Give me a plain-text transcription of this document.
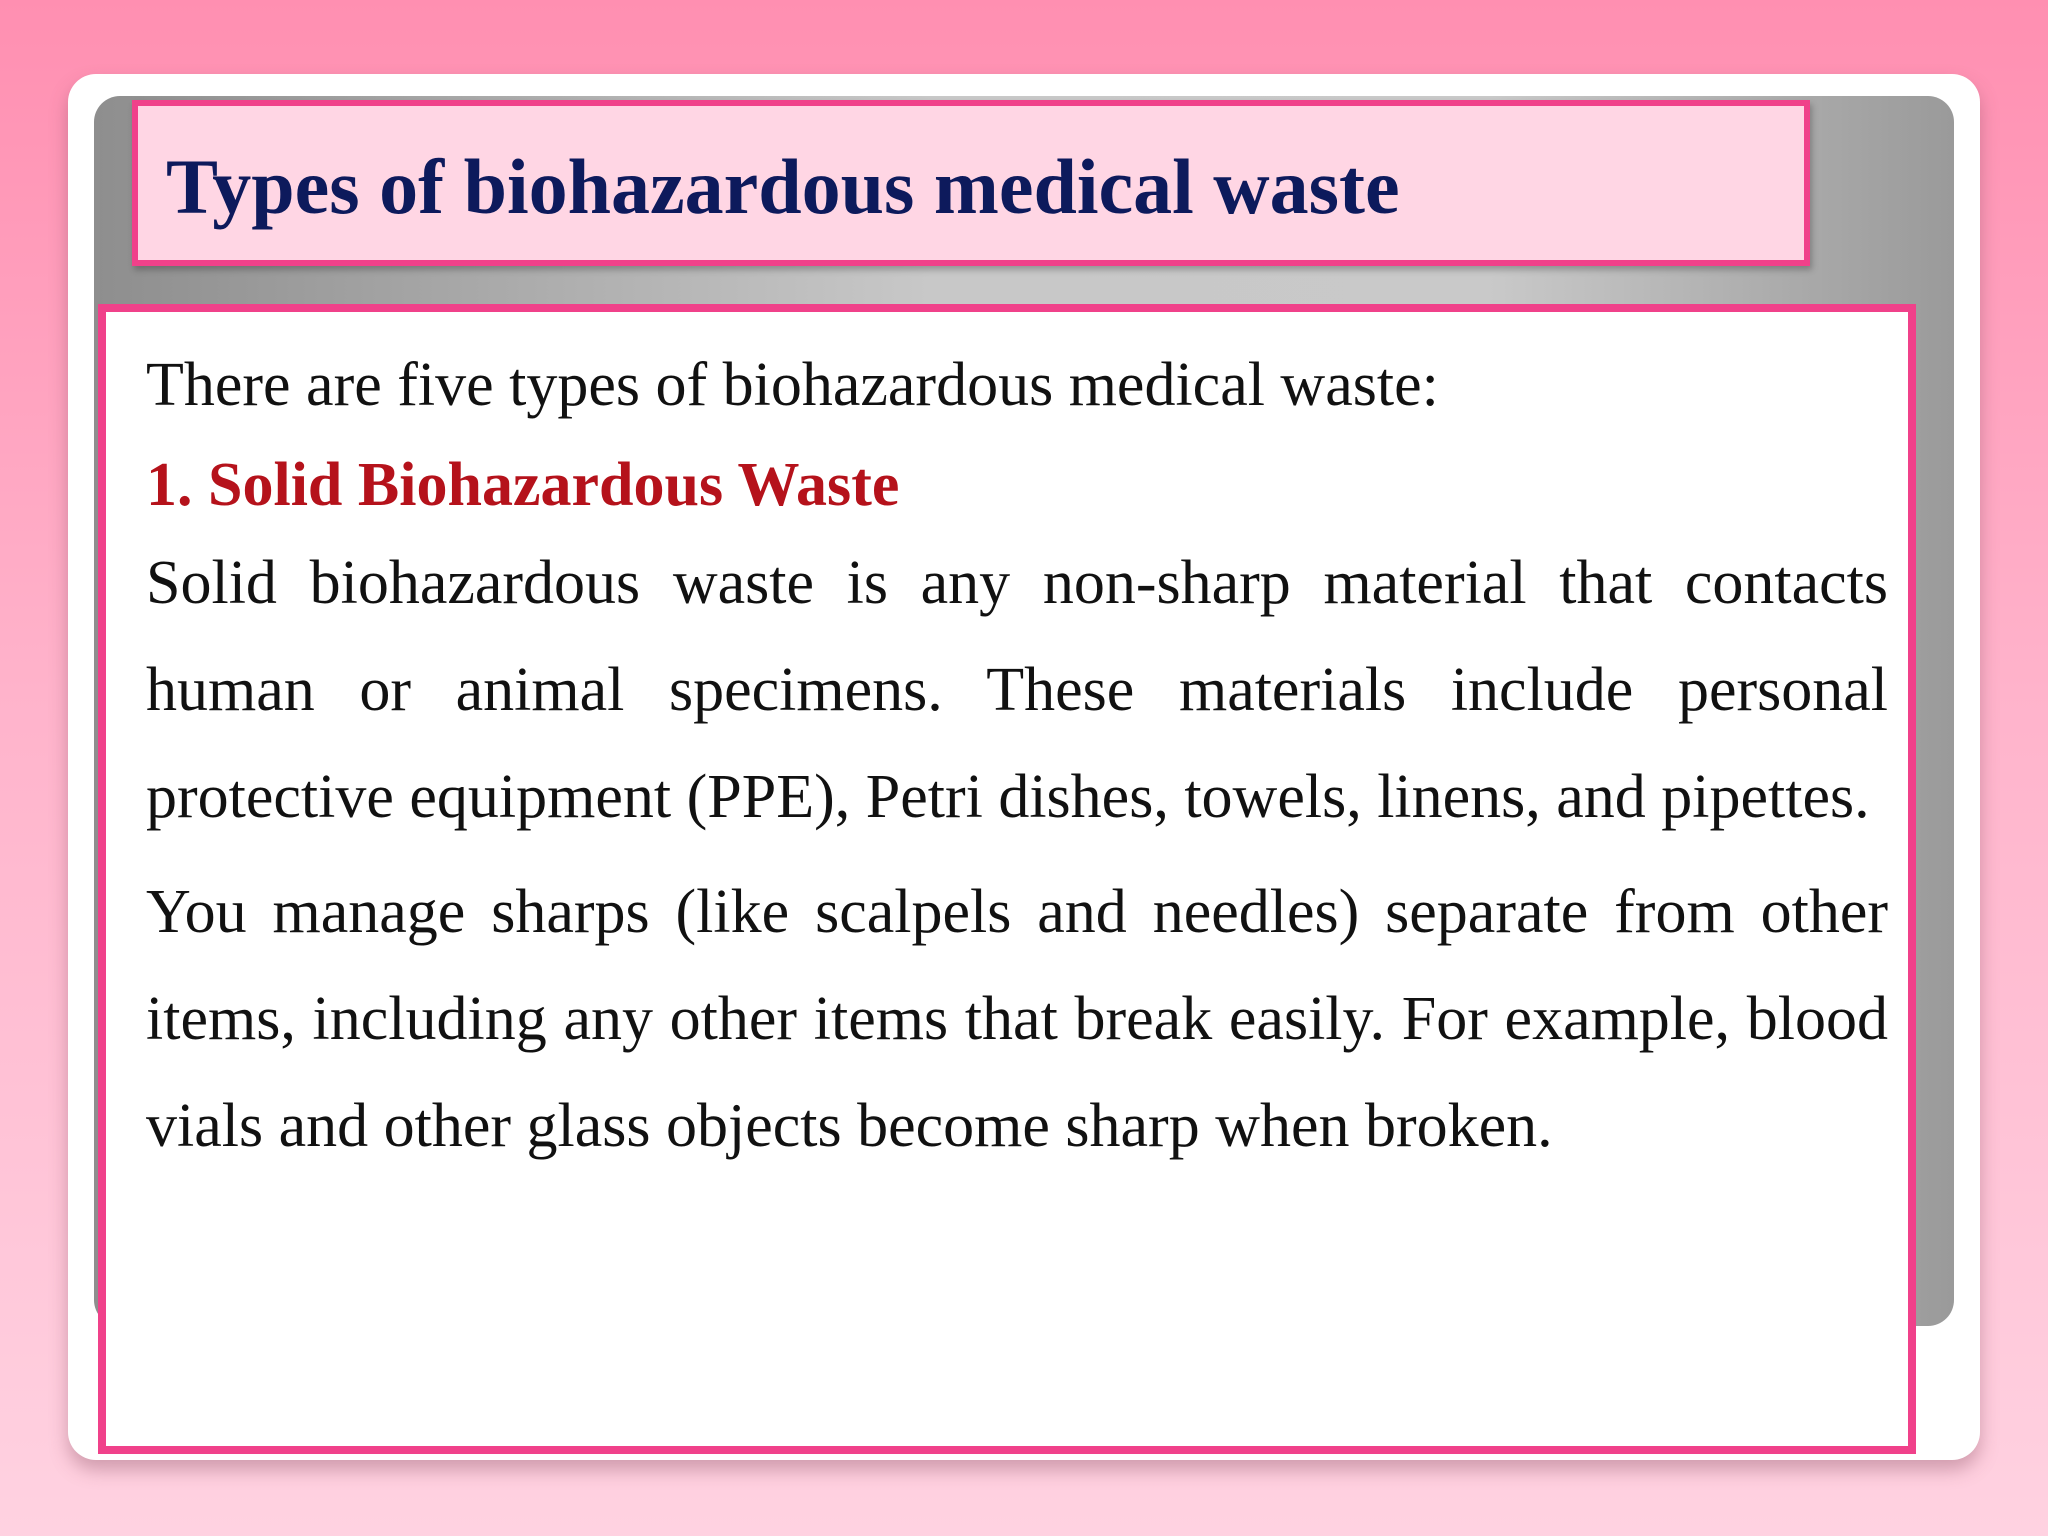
Types of biohazardous medical waste

There are five types of biohazardous medical waste:

1. Solid Biohazardous Waste

Solid biohazardous waste is any non-sharp material that contacts human or animal specimens. These materials include personal protective equipment (PPE), Petri dishes, towels, linens, and pipettes.

You manage sharps (like scalpels and needles) separate from other items, including any other items that break easily. For example, blood vials and other glass objects become sharp when broken.
